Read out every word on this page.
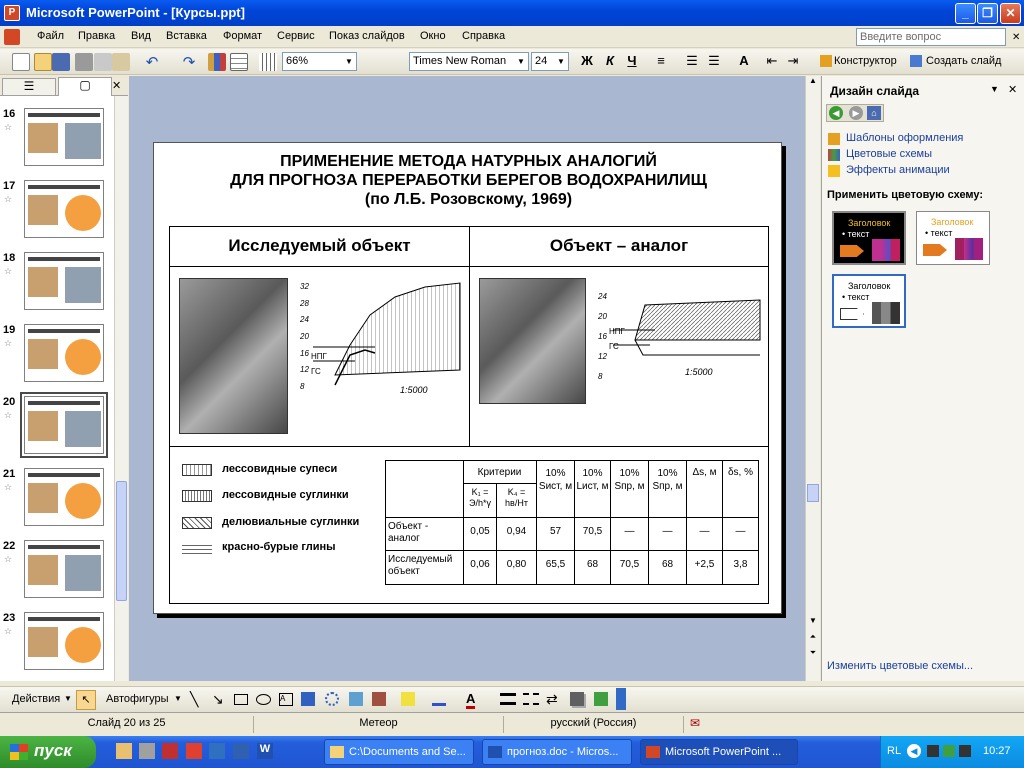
P Microsoft PowerPoint - [Курсы.ppt]	_	❐	✕
Файл Правка Вид Вставка Формат Сервис Показ слайдов Окно Справка	Введите вопрос	✕
↶ ↷	66%	▼	Times New Roman ▼ 24 ▼ Ж	К	Ч	≡	☰ ☰	A	⇤ ⇥	Конструктор	Создать слайд
☰	▢	✕
16
☆
17
☆
18
☆
19
☆
20
☆
21
☆
22
☆
23
☆
ПРИМЕНЕНИЕ МЕТОДА НАТУРНЫХ АНАЛОГИЙ
ДЛЯ ПРОГНОЗА ПЕРЕРАБОТКИ БЕРЕГОВ ВОДОХРАНИЛИЩ
(по Л.Б. Розовскому, 1969)
Исследуемый объект	Объект – аналог
32
28
24
20
16
12
8
НПГ
ГС
1:5000
24
20
16
12
8
НПГ
ГС
1:5000
лессовидные супеси
лессовидные суглинки
делювиальные суглинки
красно-бурые глины
Критерии
K₁ = Э/h*γ
K₄ = hв/Hт
10% Sист, м
10% Lист, м
10% Sпр, м
10% Sпр, м
Δs, м	δs, %
Объект - аналог
Исследуемый объект
0,05	0,94	57	70,5	—	—	—	—
0,06	0,80	65,5	68	70,5	68	+2,5	3,8
▲
▼
⏶
⏷
Дизайн слайда	▼ ✕
◀	▶	⌂
Шаблоны оформления
Цветовые схемы
Эффекты анимации
Применить цветовую схему:
Заголовок
• текст
Заголовок
• текст
Заголовок
• текст
Изменить цветовые схемы...
Действия ▼ ↖	Автофигуры ▼ ╲ ↘	A	A	⇄
Слайд 20 из 25	Метеор	русский (Россия)	✉
пуск	W	C:\Documents and Se...	прогноз.doc - Micros...	Microsoft PowerPoint ...	RL	◀	10:27
